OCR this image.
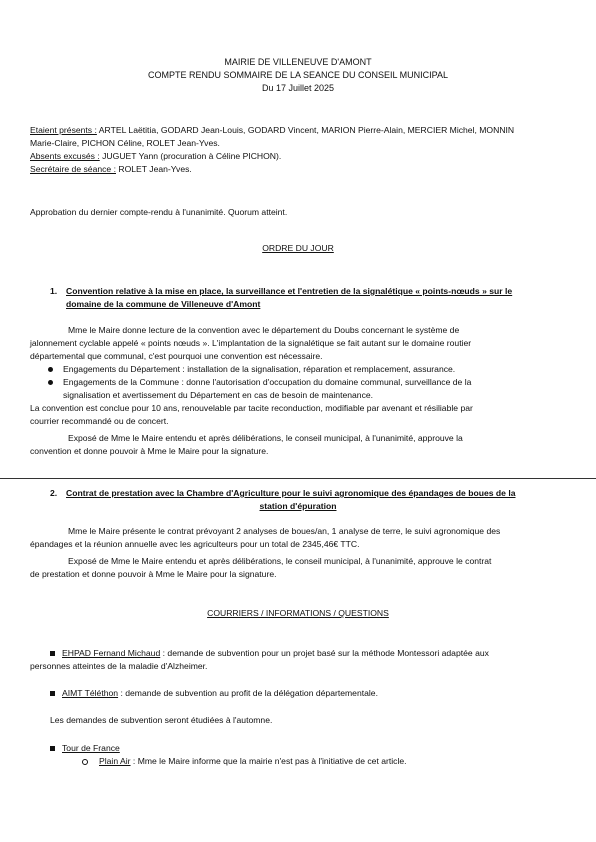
MAIRIE DE VILLENEUVE D'AMONT
COMPTE RENDU SOMMAIRE DE LA SEANCE DU CONSEIL MUNICIPAL
Du 17 Juillet 2025
Etaient présents : ARTEL Laëtitia, GODARD Jean-Louis, GODARD Vincent, MARION Pierre-Alain, MERCIER Michel, MONNIN
Marie-Claire, PICHON Céline, ROLET Jean-Yves.
Absents excusés : JUGUET Yann (procuration à Céline PICHON).
Secrétaire de séance : ROLET Jean-Yves.
Approbation du dernier compte-rendu à l'unanimité. Quorum atteint.
ORDRE DU JOUR
1. Convention relative à la mise en place, la surveillance et l'entretien de la signalétique « points-nœuds » sur le
domaine de la commune de Villeneuve d'Amont
Mme le Maire donne lecture de la convention avec le département du Doubs concernant le système de
jalonnement cyclable appelé « points nœuds ». L'implantation de la signalétique se fait autant sur le domaine routier
départemental que communal, c'est pourquoi une convention est nécessaire.
Engagements du Département : installation de la signalisation, réparation et remplacement, assurance.
Engagements de la Commune : donne l'autorisation d'occupation du domaine communal, surveillance de la
signalisation et avertissement du Département en cas de besoin de maintenance.
La convention est conclue pour 10 ans, renouvelable par tacite reconduction, modifiable par avenant et résiliable par
courrier recommandé ou de concert.
Exposé de Mme le Maire entendu et après délibérations, le conseil municipal, à l'unanimité, approuve la
convention et donne pouvoir à Mme le Maire pour la signature.
2. Contrat de prestation avec la Chambre d'Agriculture pour le suivi agronomique des épandages de boues de la
station d'épuration
Mme le Maire présente le contrat prévoyant 2 analyses de boues/an, 1 analyse de terre, le suivi agronomique des
épandages et la réunion annuelle avec les agriculteurs pour un total de 2345,46€ TTC.
Exposé de Mme le Maire entendu et après délibérations, le conseil municipal, à l'unanimité, approuve le contrat
de prestation et donne pouvoir à Mme le Maire pour la signature.
COURRIERS / INFORMATIONS / QUESTIONS
EHPAD Fernand Michaud : demande de subvention pour un projet basé sur la méthode Montessori adaptée aux
personnes atteintes de la maladie d'Alzheimer.
AIMT Téléthon : demande de subvention au profit de la délégation départementale.
Les demandes de subvention seront étudiées à l'automne.
Tour de France
Plain Air : Mme le Maire informe que la mairie n'est pas à l'initiative de cet article.
